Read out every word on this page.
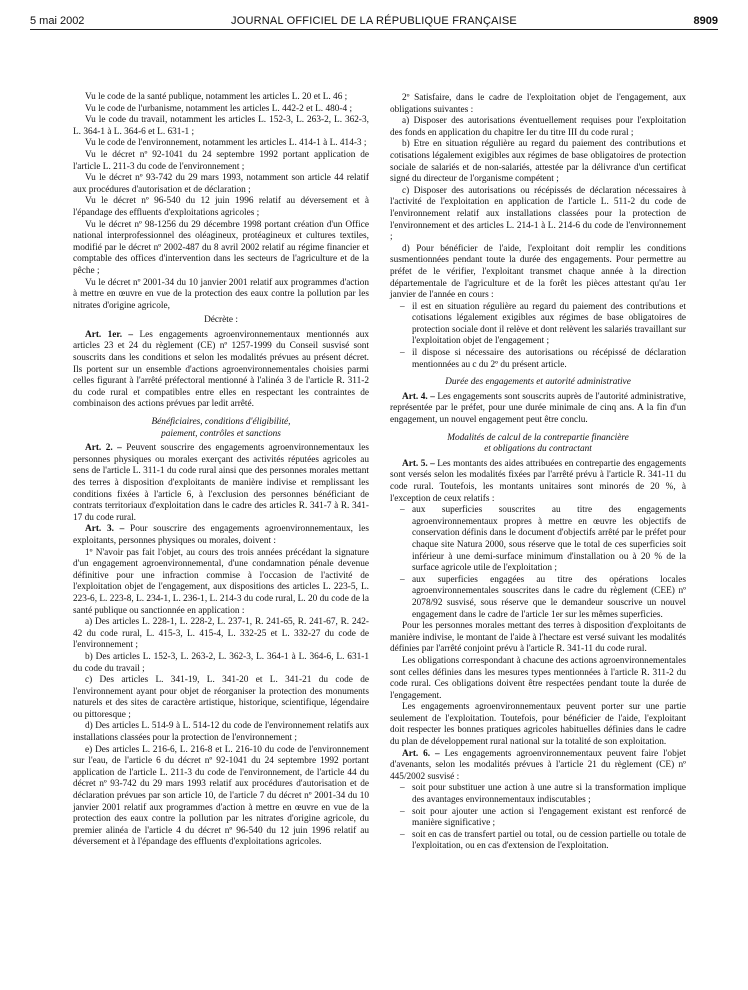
5 mai 2002	JOURNAL OFFICIEL DE LA RÉPUBLIQUE FRANÇAISE	8909

Vu le code de la santé publique, notamment les articles L. 20 et L. 46 ;

Vu le code de l'urbanisme, notamment les articles L. 442-2 et L. 480-4 ;

Vu le code du travail, notamment les articles L. 152-3, L. 263-2, L. 362-3, L. 364-1 à L. 364-6 et L. 631-1 ;

Vu le code de l'environnement, notamment les articles L. 414-1 à L. 414-3 ;

Vu le décret nº 92-1041 du 24 septembre 1992 portant application de l'article L. 211-3 du code de l'environnement ;

Vu le décret nº 93-742 du 29 mars 1993, notamment son article 44 relatif aux procédures d'autorisation et de déclaration ;

Vu le décret nº 96-540 du 12 juin 1996 relatif au déversement et à l'épandage des effluents d'exploitations agricoles ;

Vu le décret nº 98-1256 du 29 décembre 1998 portant création d'un Office national interprofessionnel des oléagineux, protéagineux et cultures textiles, modifié par le décret nº 2002-487 du 8 avril 2002 relatif au régime financier et comptable des offices d'intervention dans les secteurs de l'agriculture et de la pêche ;

Vu le décret nº 2001-34 du 10 janvier 2001 relatif aux programmes d'action à mettre en œuvre en vue de la protection des eaux contre la pollution par les nitrates d'origine agricole,

Décrète :

Art. 1er. – Les engagements agroenvironnementaux mentionnés aux articles 23 et 24 du règlement (CE) nº 1257-1999 du Conseil susvisé sont souscrits dans les conditions et selon les modalités prévues au présent décret. Ils portent sur un ensemble d'actions agroenvironnementales choisies parmi celles figurant à l'arrêté préfectoral mentionné à l'alinéa 3 de l'article R. 311-2 du code rural et compatibles entre elles en respectant les contraintes de combinaison des actions prévues par ledit arrêté.

Bénéficiaires, conditions d'éligibilité,
paiement, contrôles et sanctions

Art. 2. – Peuvent souscrire des engagements agroenvironnementaux les personnes physiques ou morales exerçant des activités réputées agricoles au sens de l'article L. 311-1 du code rural ainsi que des personnes morales mettant des terres à disposition d'exploitants de manière indivise et remplissant les conditions fixées à l'article 6, à l'exclusion des personnes bénéficiant de contrats territoriaux d'exploitation dans le cadre des articles R. 341-7 à R. 341-17 du code rural.

Art. 3. – Pour souscrire des engagements agroenvironnementaux, les exploitants, personnes physiques ou morales, doivent :

1º N'avoir pas fait l'objet, au cours des trois années précédant la signature d'un engagement agroenvironnemental, d'une condamnation pénale devenue définitive pour une infraction commise à l'occasion de l'activité de l'exploitation objet de l'engagement, aux dispositions des articles L. 223-5, L. 223-6, L. 223-8, L. 234-1, L. 236-1, L. 214-3 du code rural, L. 20 du code de la santé publique ou sanctionnée en application :

a) Des articles L. 228-1, L. 228-2, L. 237-1, R. 241-65, R. 241-67, R. 242-42 du code rural, L. 415-3, L. 415-4, L. 332-25 et L. 332-27 du code de l'environnement ;

b) Des articles L. 152-3, L. 263-2, L. 362-3, L. 364-1 à L. 364-6, L. 631-1 du code du travail ;

c) Des articles L. 341-19, L. 341-20 et L. 341-21 du code de l'environnement ayant pour objet de réorganiser la protection des monuments naturels et des sites de caractère artistique, historique, scientifique, légendaire ou pittoresque ;

d) Des articles L. 514-9 à L. 514-12 du code de l'environnement relatifs aux installations classées pour la protection de l'environnement ;

e) Des articles L. 216-6, L. 216-8 et L. 216-10 du code de l'environnement sur l'eau, de l'article 6 du décret nº 92-1041 du 24 septembre 1992 portant application de l'article L. 211-3 du code de l'environnement, de l'article 44 du décret nº 93-742 du 29 mars 1993 relatif aux procédures d'autorisation et de déclaration prévues par son article 10, de l'article 7 du décret nº 2001-34 du 10 janvier 2001 relatif aux programmes d'action à mettre en œuvre en vue de la protection des eaux contre la pollution par les nitrates d'origine agricole, du premier alinéa de l'article 4 du décret nº 96-540 du 12 juin 1996 relatif au déversement et à l'épandage des effluents d'exploitations agricoles.

2º Satisfaire, dans le cadre de l'exploitation objet de l'engagement, aux obligations suivantes :

a) Disposer des autorisations éventuellement requises pour l'exploitation des fonds en application du chapitre Ier du titre III du code rural ;

b) Etre en situation régulière au regard du paiement des contributions et cotisations légalement exigibles aux régimes de base obligatoires de protection sociale de salariés et de non-salariés, attestée par la délivrance d'un certificat signé du directeur de l'organisme compétent ;

c) Disposer des autorisations ou récépissés de déclaration nécessaires à l'activité de l'exploitation en application de l'article L. 511-2 du code de l'environnement relatif aux installations classées pour la protection de l'environnement et des articles L. 214-1 à L. 214-6 du code de l'environnement ;

d) Pour bénéficier de l'aide, l'exploitant doit remplir les conditions susmentionnées pendant toute la durée des engagements. Pour permettre au préfet de le vérifier, l'exploitant transmet chaque année à la direction départementale de l'agriculture et de la forêt les pièces attestant qu'au 1er janvier de l'année en cours :

– il est en situation régulière au regard du paiement des contributions et cotisations légalement exigibles aux régimes de base obligatoires de protection sociale dont il relève et dont relèvent les salariés travaillant sur l'exploitation objet de l'engagement ;
– il dispose si nécessaire des autorisations ou récépissé de déclaration mentionnées au c du 2º du présent article.
Durée des engagements et autorité administrative

Art. 4. – Les engagements sont souscrits auprès de l'autorité administrative, représentée par le préfet, pour une durée minimale de cinq ans. A la fin d'un engagement, un nouvel engagement peut être conclu.

Modalités de calcul de la contrepartie financière
et obligations du contractant

Art. 5. – Les montants des aides attribuées en contrepartie des engagements sont versés selon les modalités fixées par l'arrêté prévu à l'article R. 341-11 du code rural. Toutefois, les montants unitaires sont minorés de 20 %, à l'exception de ceux relatifs :

– aux superficies souscrites au titre des engagements agroenvironnementaux propres à mettre en œuvre les objectifs de conservation définis dans le document d'objectifs arrêté par le préfet pour chaque site Natura 2000, sous réserve que le total de ces superficies soit inférieur à une demi-surface minimum d'installation ou à 20 % de la surface agricole utile de l'exploitation ;
– aux superficies engagées au titre des opérations locales agroenvironnementales souscrites dans le cadre du règlement (CEE) nº 2078/92 susvisé, sous réserve que le demandeur souscrive un nouvel engagement dans le cadre de l'article 1er sur les mêmes superficies.

Pour les personnes morales mettant des terres à disposition d'exploitants de manière indivise, le montant de l'aide à l'hectare est versé suivant les modalités définies par l'arrêté conjoint prévu à l'article R. 341-11 du code rural.

Les obligations correspondant à chacune des actions agroenvironnementales sont celles définies dans les mesures types mentionnées à l'article R. 311-2 du code rural. Ces obligations doivent être respectées pendant toute la durée de l'engagement.

Les engagements agroenvironnementaux peuvent porter sur une partie seulement de l'exploitation. Toutefois, pour bénéficier de l'aide, l'exploitant doit respecter les bonnes pratiques agricoles habituelles définies dans le cadre du plan de développement rural national sur la totalité de son exploitation.

Art. 6. – Les engagements agroenvironnementaux peuvent faire l'objet d'avenants, selon les modalités prévues à l'article 21 du règlement (CE) nº 445/2002 susvisé :

– soit pour substituer une action à une autre si la transformation implique des avantages environnementaux indiscutables ;
– soit pour ajouter une action si l'engagement existant est renforcé de manière significative ;
– soit en cas de transfert partiel ou total, ou de cession partielle ou totale de l'exploitation, ou en cas d'extension de l'exploitation.
